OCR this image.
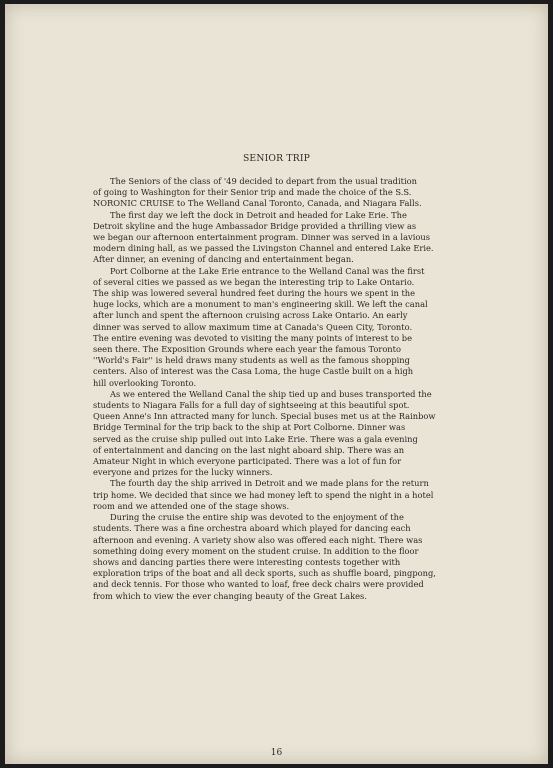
SENIOR TRIP
The Seniors of the class of '49 decided to depart from the usual tradition
of going to Washington for their Senior trip and made the choice of the S.S.
NORONIC CRUISE to The Welland Canal Toronto, Canada, and Niagara Falls.
The first day we left the dock in Detroit and headed for Lake Erie. The
Detroit skyline and the huge Ambassador Bridge provided a thrilling view as
we began our afternoon entertainment program. Dinner was served in a lavious
modern dining hall, as we passed the Livingston Channel and entered Lake Erie.
After dinner, an evening of dancing and entertainment began.
Port Colborne at the Lake Erie entrance to the Welland Canal was the first
of several cities we passed as we began the interesting trip to Lake Ontario.
The ship was lowered several hundred feet during the hours we spent in the
huge locks, which are a monument to man's engineering skill. We left the canal
after lunch and spent the afternoon cruising across Lake Ontario. An early
dinner was served to allow maximum time at Canada's Queen City, Toronto.
The entire evening was devoted to visiting the many points of interest to be
seen there. The Exposition Grounds where each year the famous Toronto
''World's Fair'' is held draws many students as well as the famous shopping
centers. Also of interest was the Casa Loma, the huge Castle built on a high
hill overlooking Toronto.
As we entered the Welland Canal the ship tied up and buses transported the
students to Niagara Falls for a full day of sightseeing at this beautiful spot.
Queen Anne's Inn attracted many for lunch. Special buses met us at the Rainbow
Bridge Terminal for the trip back to the ship at Port Colborne. Dinner was
served as the cruise ship pulled out into Lake Erie. There was a gala evening
of entertainment and dancing on the last night aboard ship. There was an
Amateur Night in which everyone participated. There was a lot of fun for
everyone and prizes for the lucky winners.
The fourth day the ship arrived in Detroit and we made plans for the return
trip home. We decided that since we had money left to spend the night in a hotel
room and we attended one of the stage shows.
During the cruise the entire ship was devoted to the enjoyment of the
students. There was a fine orchestra aboard which played for dancing each
afternoon and evening. A variety show also was offered each night. There was
something doing every moment on the student cruise. In addition to the floor
shows and dancing parties there were interesting contests together with
exploration trips of the boat and all deck sports, such as shuffle board, pingpong,
and deck tennis. For those who wanted to loaf, free deck chairs were provided
from which to view the ever changing beauty of the Great Lakes.
16
